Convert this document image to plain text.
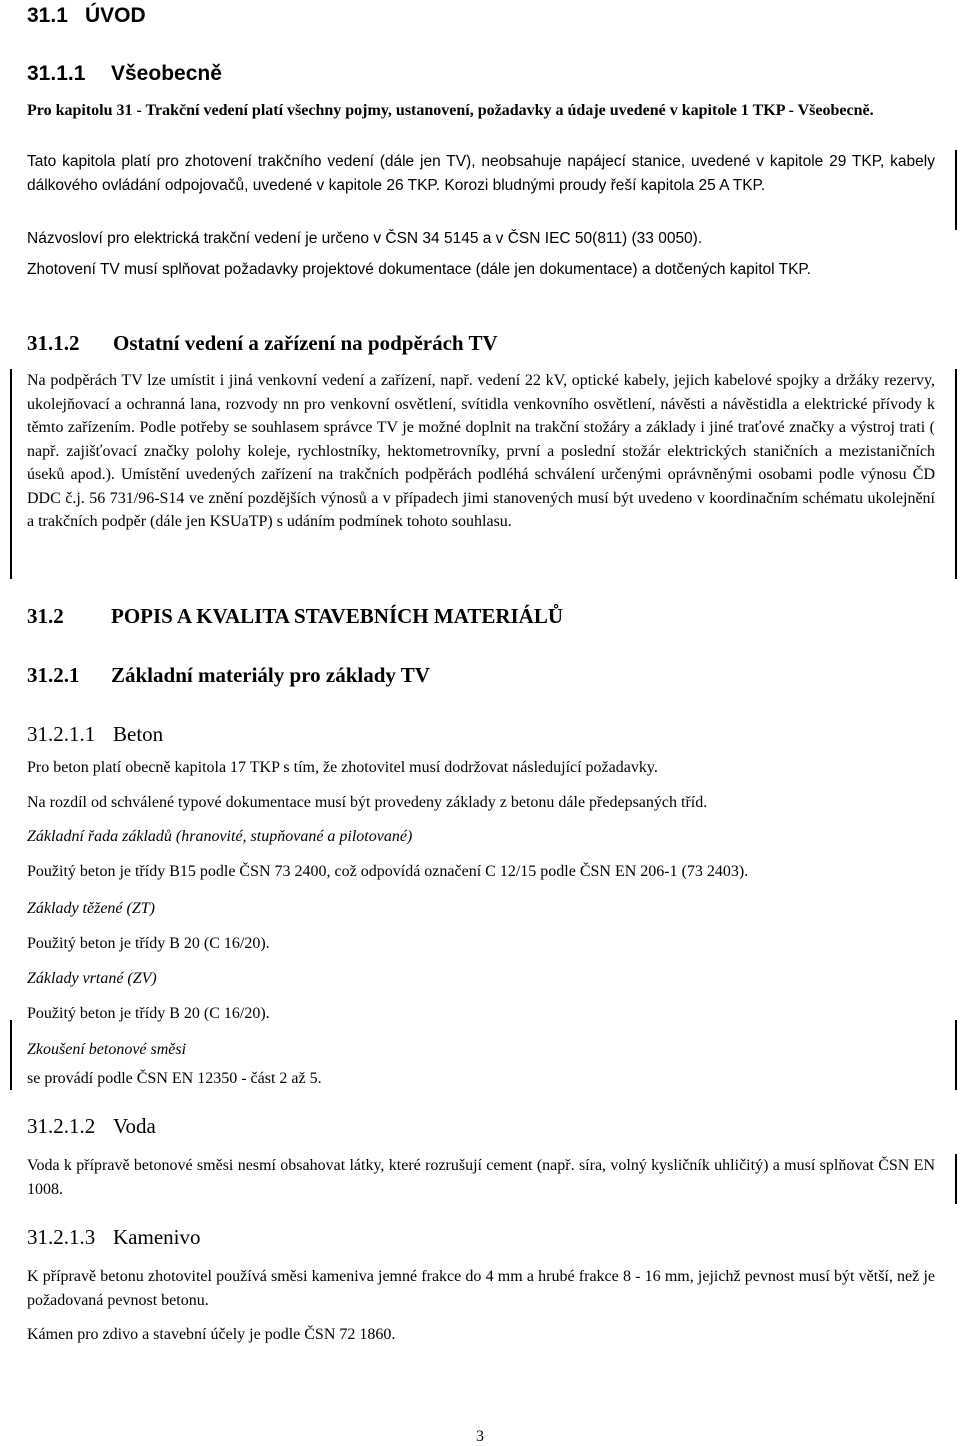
31.1 ÚVOD
31.1.1 Všeobecně
Pro kapitolu 31 - Trakční vedení platí všechny pojmy, ustanovení, požadavky a údaje uvedené v kapitole 1 TKP - Všeobecně.
Tato kapitola platí pro zhotovení trakčního vedení (dále jen TV), neobsahuje napájecí stanice, uvedené v kapitole 29 TKP, kabely dálkového ovládání odpojovačů, uvedené v kapitole 26 TKP. Korozi bludnými proudy řeší kapitola 25 A TKP.
Názvosloví pro elektrická trakční vedení je určeno v ČSN 34 5145 a v ČSN IEC 50(811) (33 0050).
Zhotovení TV musí splňovat požadavky projektové dokumentace (dále jen dokumentace) a dotčených kapitol TKP.
31.1.2 Ostatní vedení a zařízení na podpěrách TV
Na podpěrách TV lze umístit i jiná venkovní vedení a zařízení, např. vedení 22 kV, optické kabely, jejich kabelové spojky a držáky rezervy, ukolejňovací a ochranná lana, rozvody nn pro venkovní osvětlení, svítidla venkovního osvětlení, návěsti a návěstidla a elektrické přívody k těmto zařízením. Podle potřeby se souhlasem správce TV je možné doplnit na trakční stožáry a základy i jiné traťové značky a výstroj trati ( např. zajišťovací značky polohy koleje, rychlostníky, hektometrovníky, první a poslední stožár elektrických staničních a mezistaničních úseků apod.). Umístění uvedených zařízení na trakčních podpěrách podléhá schválení určenými oprávněnými osobami podle výnosu ČD DDC č.j. 56 731/96-S14 ve znění pozdějších výnosů a v případech jimi stanovených musí být uvedeno v koordinačním schématu ukolejnění a trakčních podpěr (dále jen KSUaTP) s udáním podmínek tohoto souhlasu.
31.2 POPIS A KVALITA STAVEBNÍCH MATERIÁLŮ
31.2.1 Základní materiály pro základy TV
31.2.1.1 Beton
Pro beton platí obecně kapitola 17 TKP s tím, že zhotovitel musí dodržovat následující požadavky.
Na rozdíl od schválené typové dokumentace musí být provedeny základy z betonu dále předepsaných tříd.
Základní řada základů (hranovité, stupňované a pilotované)
Použitý beton je třídy B15 podle ČSN 73 2400, což odpovídá označení C 12/15 podle ČSN EN 206-1 (73 2403).
Základy těžené (ZT)
Použitý beton je třídy B 20 (C 16/20).
Základy vrtané (ZV)
Použitý beton je třídy B 20 (C 16/20).
Zkoušení betonové směsi
se provádí podle ČSN EN 12350 - část 2 až 5.
31.2.1.2 Voda
Voda k přípravě betonové směsi nesmí obsahovat látky, které rozrušují cement (např. síra, volný kysličník uhličitý) a musí splňovat ČSN EN 1008.
31.2.1.3 Kamenivo
K přípravě betonu zhotovitel používá směsi kameniva jemné frakce do 4 mm a hrubé frakce 8 - 16 mm, jejichž pevnost musí být větší, než je požadovaná pevnost betonu.
Kámen pro zdivo a stavební účely je podle ČSN 72 1860.
3
